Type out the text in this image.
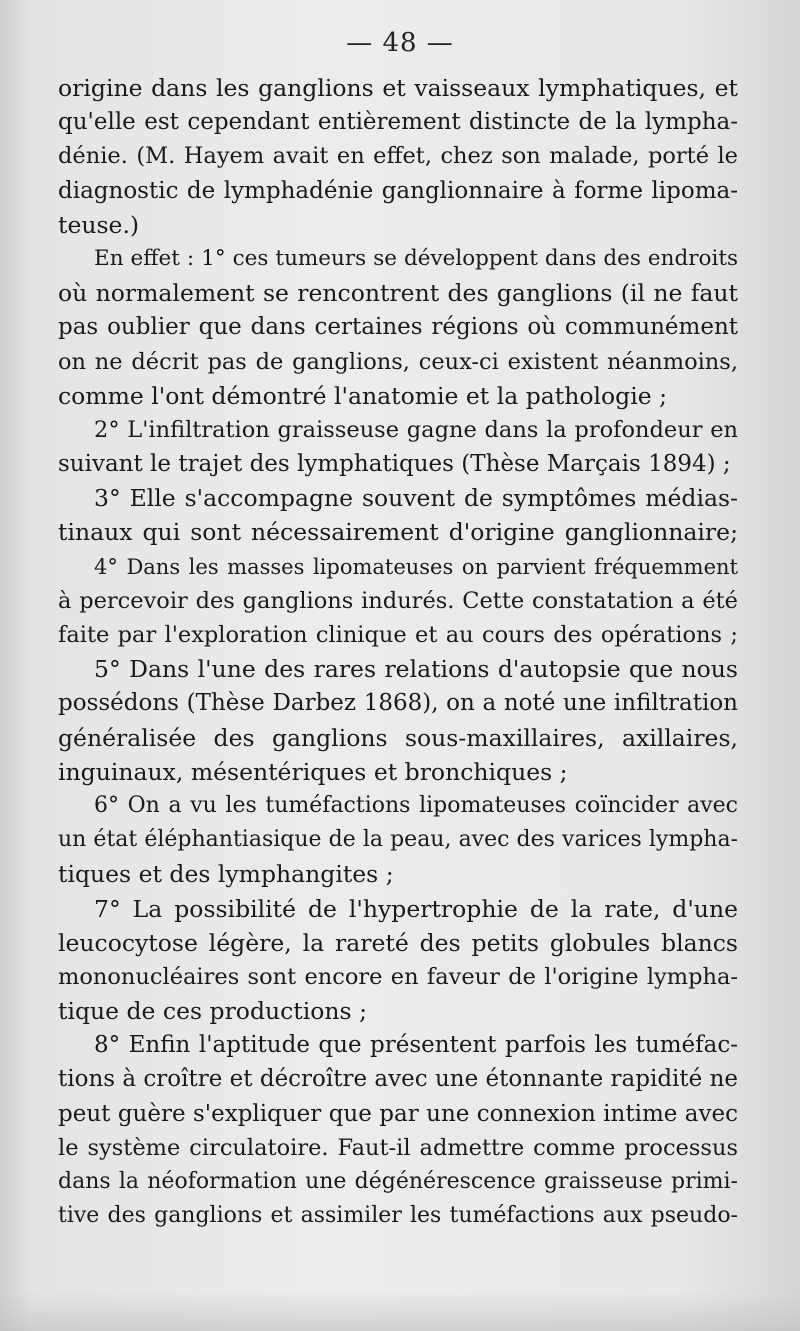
— 48 —
origine dans les ganglions et vaisseaux lymphatiques, et
qu'elle est cependant entièrement distincte de la lympha-
dénie. (M. Hayem avait en effet, chez son malade, porté le
diagnostic de lymphadénie ganglionnaire à forme lipoma-
teuse.)
En effet : 1° ces tumeurs se développent dans des endroits
où normalement se rencontrent des ganglions (il ne faut
pas oublier que dans certaines régions où communément
on ne décrit pas de ganglions, ceux-ci existent néanmoins,
comme l'ont démontré l'anatomie et la pathologie ;
2° L'infiltration graisseuse gagne dans la profondeur en
suivant le trajet des lymphatiques (Thèse Marçais 1894) ;
3° Elle s'accompagne souvent de symptômes médias-
tinaux qui sont nécessairement d'origine ganglionnaire;
4° Dans les masses lipomateuses on parvient fréquemment
à percevoir des ganglions indurés. Cette constatation a été
faite par l'exploration clinique et au cours des opérations ;
5° Dans l'une des rares relations d'autopsie que nous
possédons (Thèse Darbez 1868), on a noté une infiltration
généralisée des ganglions sous-maxillaires, axillaires,
inguinaux, mésentériques et bronchiques ;
6° On a vu les tuméfactions lipomateuses coïncider avec
un état éléphantiasique de la peau, avec des varices lympha-
tiques et des lymphangites ;
7° La possibilité de l'hypertrophie de la rate, d'une
leucocytose légère, la rareté des petits globules blancs
mononucléaires sont encore en faveur de l'origine lympha-
tique de ces productions ;
8° Enfin l'aptitude que présentent parfois les tuméfac-
tions à croître et décroître avec une étonnante rapidité ne
peut guère s'expliquer que par une connexion intime avec
le système circulatoire. Faut-il admettre comme processus
dans la néoformation une dégénérescence graisseuse primi-
tive des ganglions et assimiler les tuméfactions aux pseudo-
